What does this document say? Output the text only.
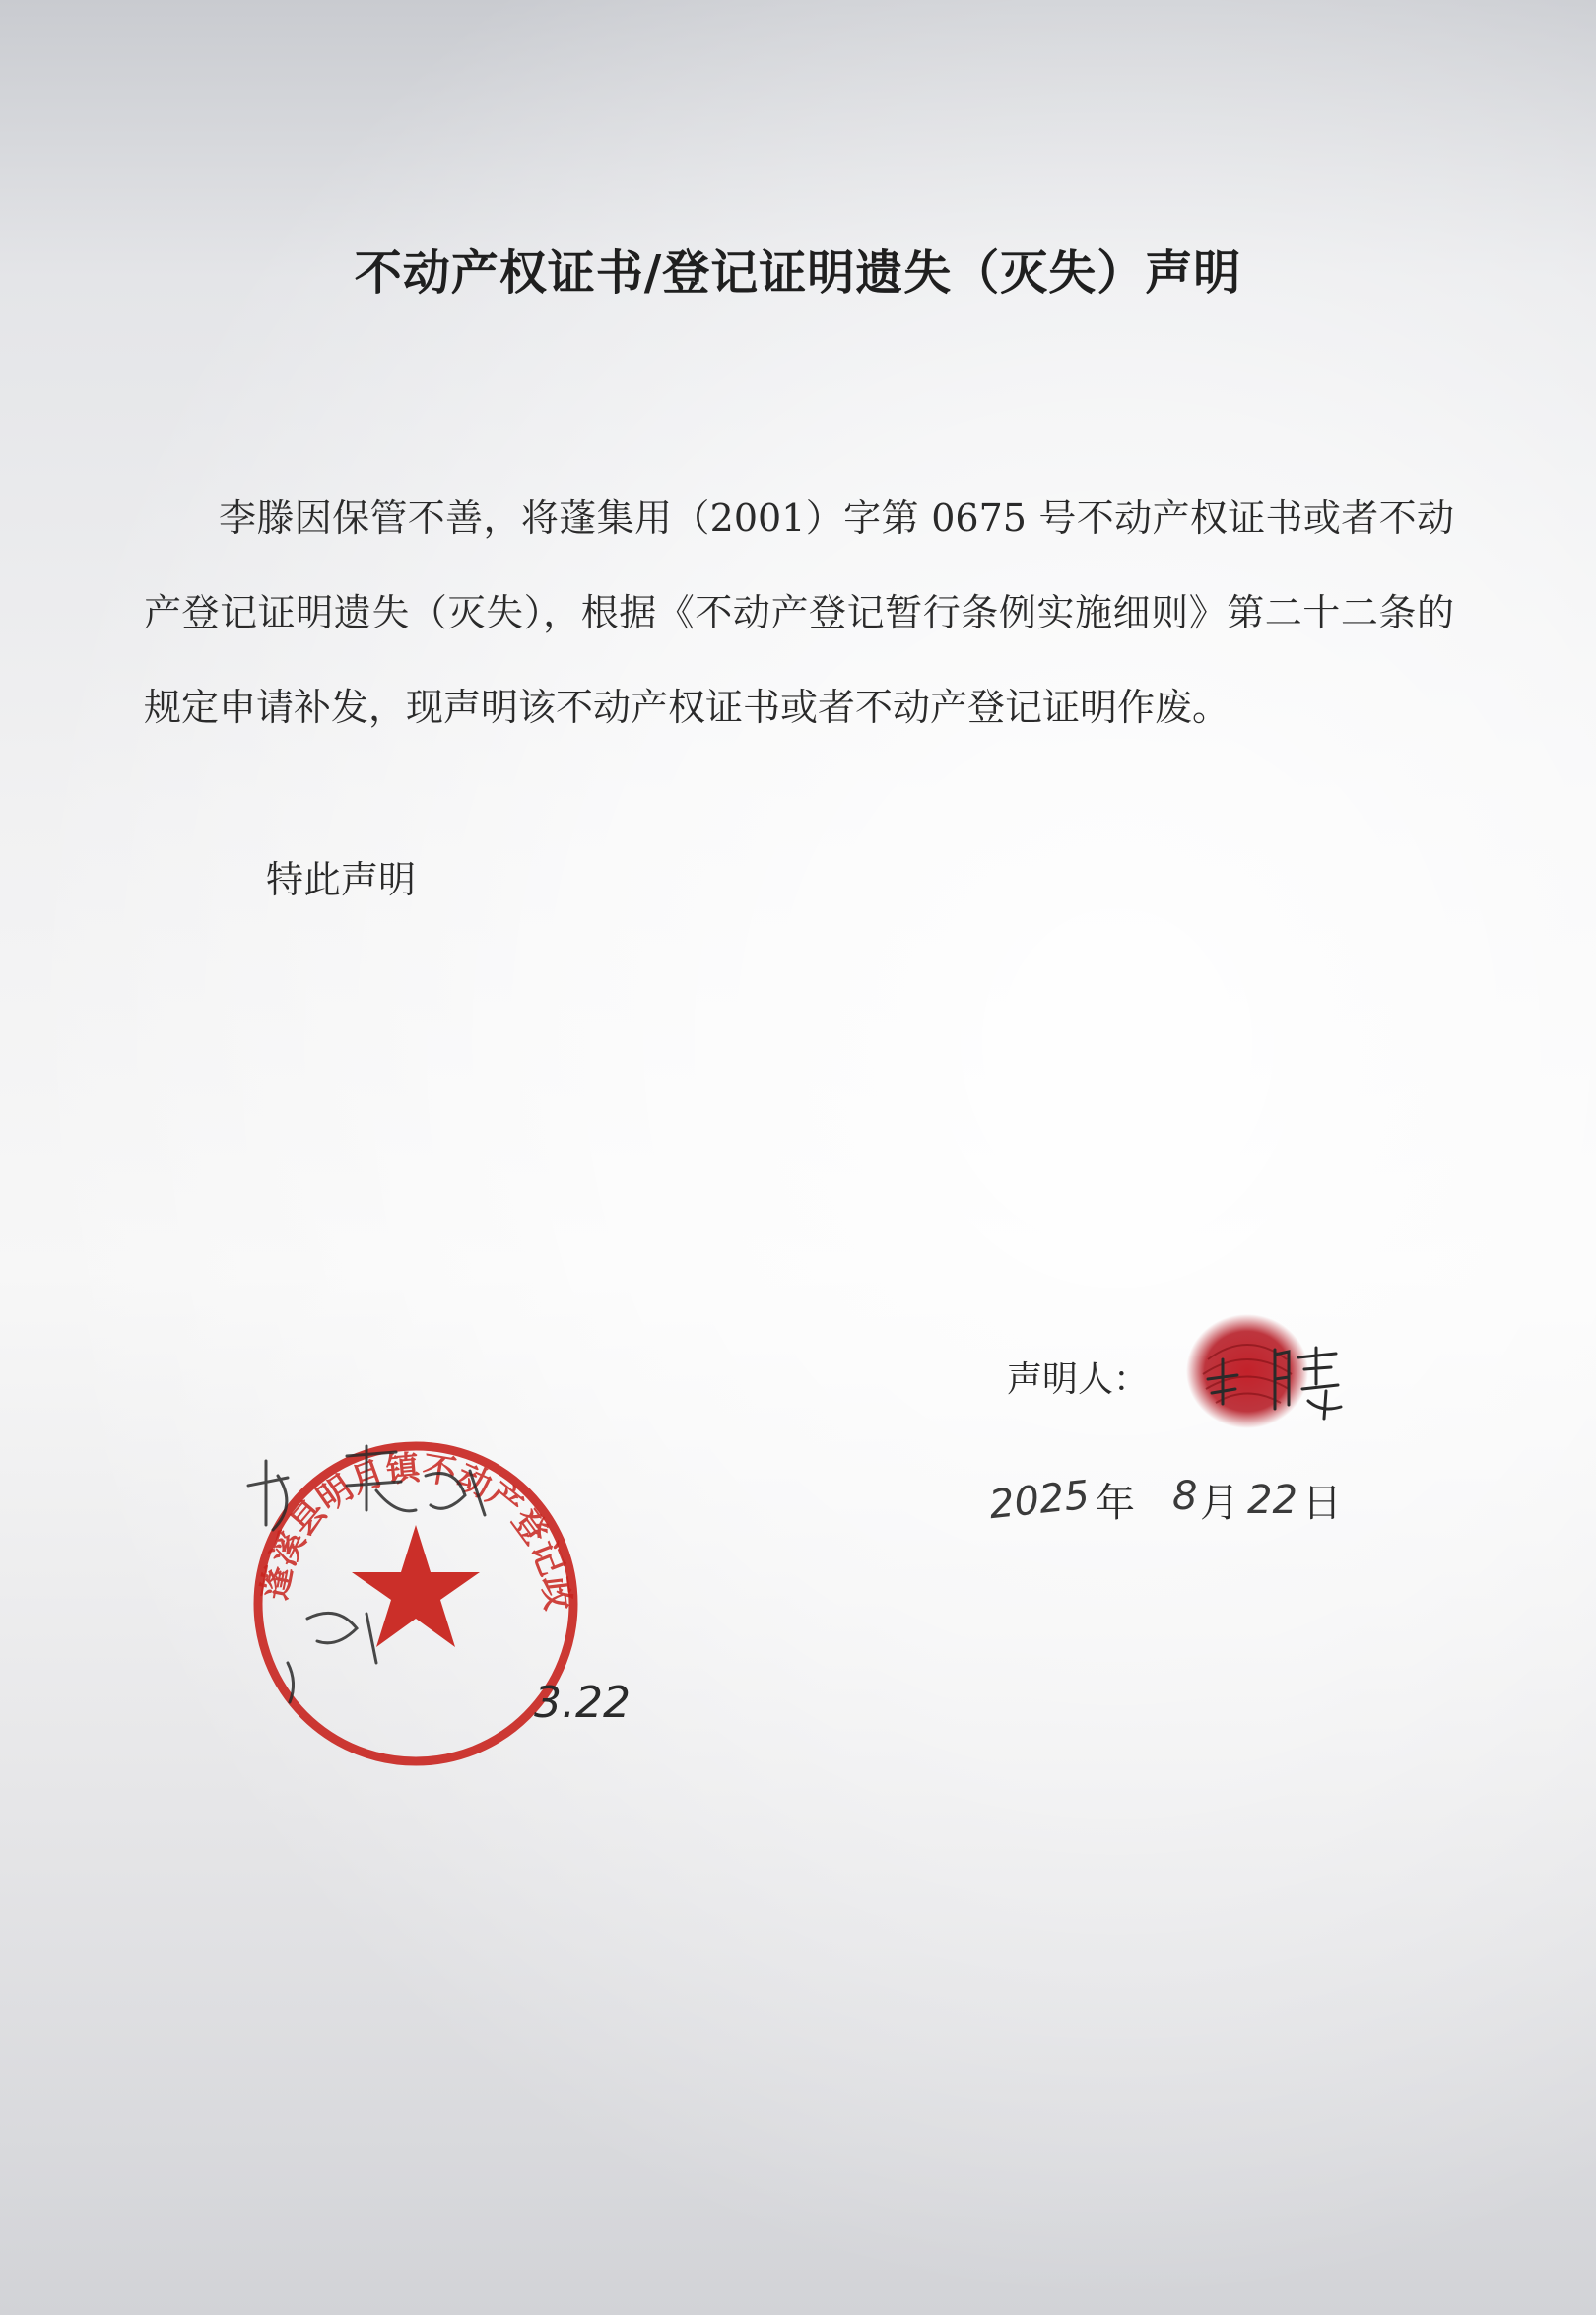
不动产权证书/登记证明遗失（灭失）声明

李滕因保管不善，将蓬集用（2001）字第 0675 号不动产权证书或者不动产登记证明遗失（灭失），根据《不动产登记暂行条例实施细则》第二十二条的规定申请补发，现声明该不动产权证书或者不动产登记证明作废。

特此声明
声明人：
2025 年 8 月 22 日
蓬溪县明月镇不动产登记政
3.22
